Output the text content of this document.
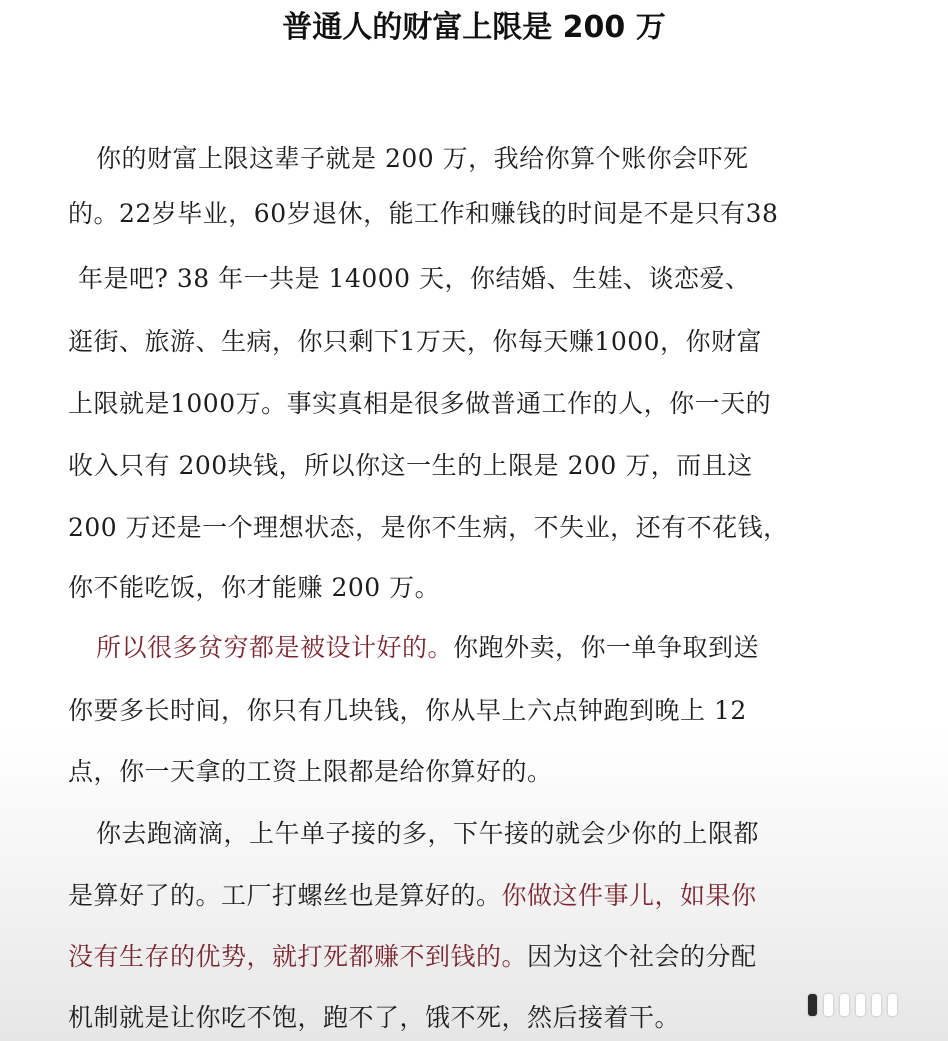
普通人的财富上限是 200 万
你的财富上限这辈子就是 200 万，我给你算个账你会吓死
的。22岁毕业，60岁退休，能工作和赚钱的时间是不是只有38
年是吧? 38 年一共是 14000 天，你结婚、生娃、谈恋爱、
逛街、旅游、生病，你只剩下1万天，你每天赚1000，你财富
上限就是1000万。事实真相是很多做普通工作的人，你一天的
收入只有 200块钱，所以你这一生的上限是 200 万，而且这
200 万还是一个理想状态，是你不生病，不失业，还有不花钱，
你不能吃饭，你才能赚 200 万。
所以很多贫穷都是被设计好的。你跑外卖，你一单争取到送
你要多长时间，你只有几块钱，你从早上六点钟跑到晚上 12
点，你一天拿的工资上限都是给你算好的。
你去跑滴滴，上午单子接的多，下午接的就会少你的上限都
是算好了的。工厂打螺丝也是算好的。你做这件事儿，如果你
没有生存的优势，就打死都赚不到钱的。因为这个社会的分配
机制就是让你吃不饱，跑不了，饿不死，然后接着干。
